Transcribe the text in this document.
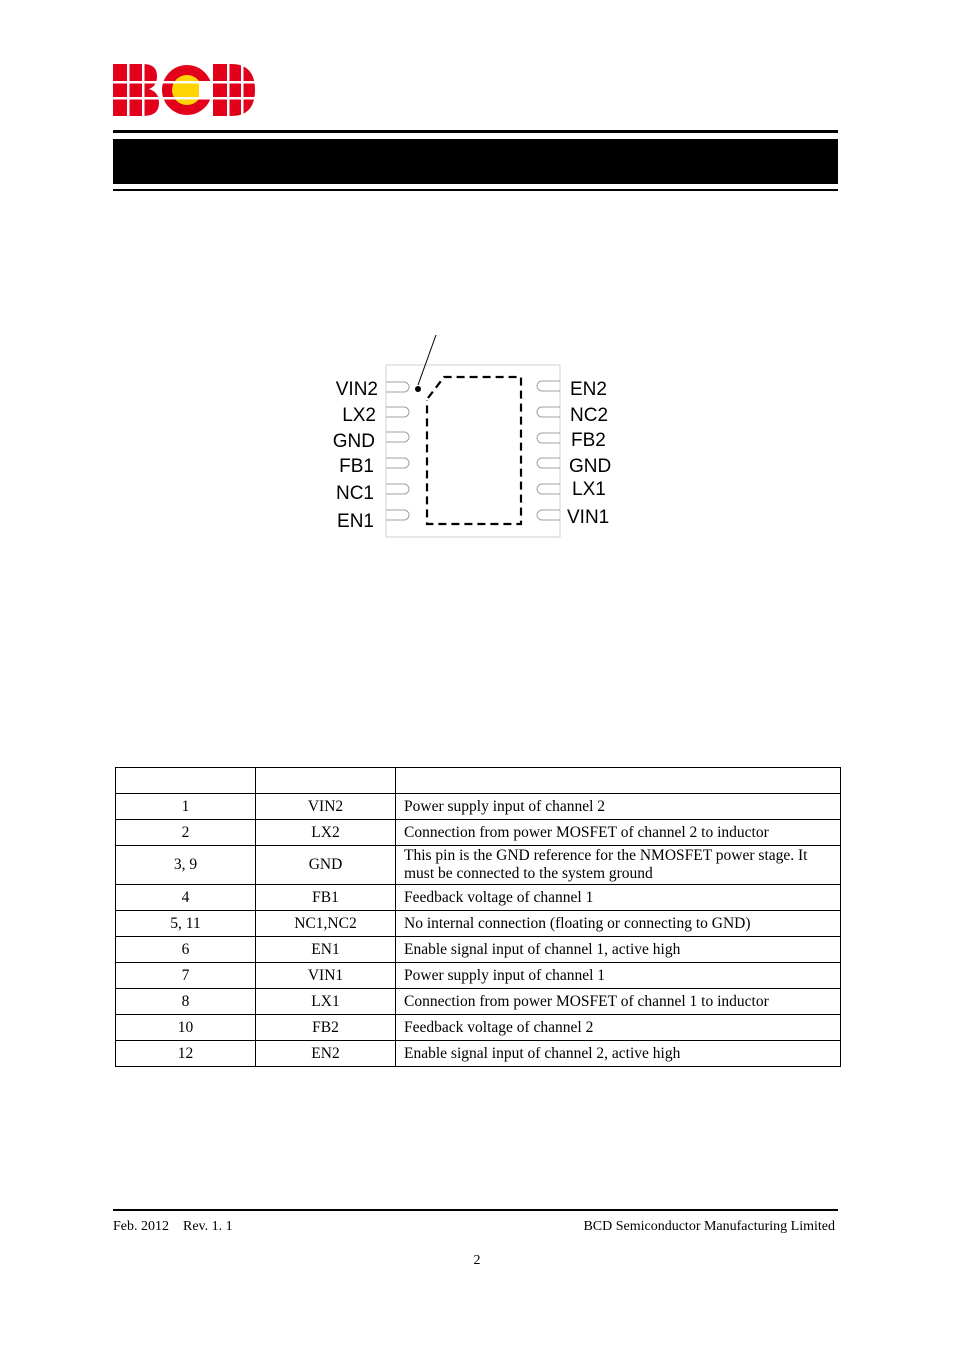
VIN2
LX2
GND
FB1
NC1
EN1
EN2
NC2
FB2
GND
LX1
VIN1

1	VIN2	Power supply input of channel 2
2	LX2	Connection from power MOSFET of channel 2 to inductor
3, 9	GND	This pin is the GND reference for the NMOSFET power stage. It must be connected to the system ground
4	FB1	Feedback voltage of channel 1
5, 11	NC1,NC2	No internal connection (floating or connecting to GND)
6	EN1	Enable signal input of channel 1, active high
7	VIN1	Power supply input of channel 1
8	LX1	Connection from power MOSFET of channel 1 to inductor
10	FB2	Feedback voltage of channel 2
12	EN2	Enable signal input of channel 2, active high
Feb. 2012 Rev. 1. 1	BCD Semiconductor Manufacturing Limited
2
